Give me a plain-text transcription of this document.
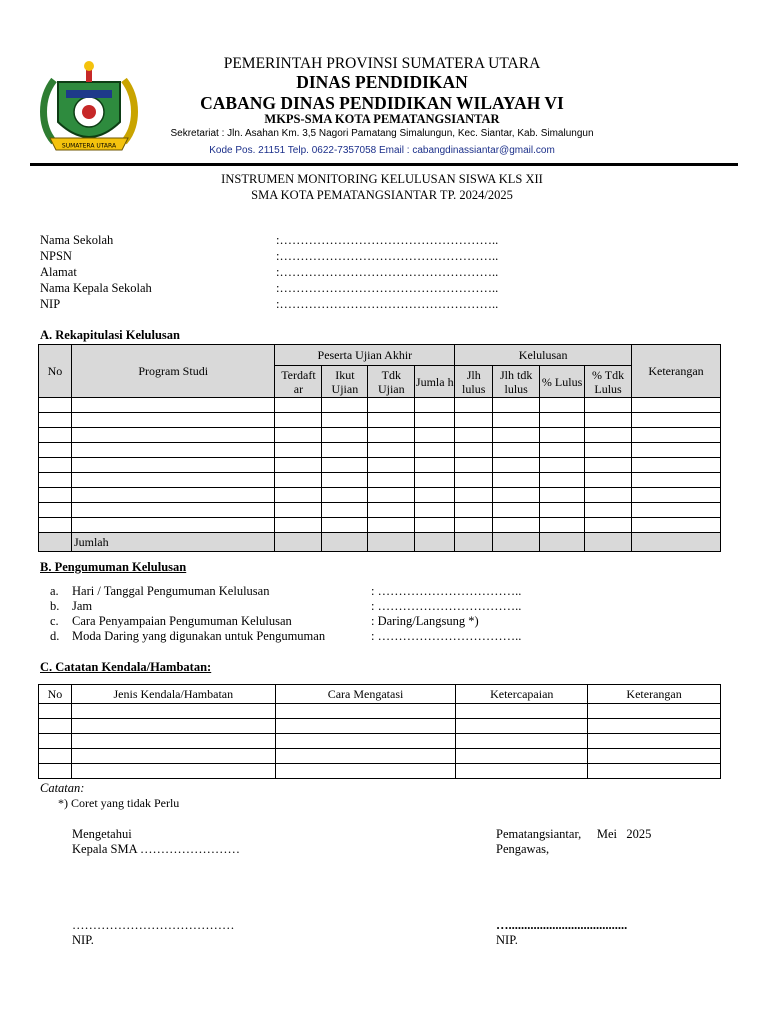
SUMATERA UTARA
PEMERINTAH PROVINSI SUMATERA UTARA
DINAS PENDIDIKAN
CABANG DINAS PENDIDIKAN WILAYAH VI
MKPS-SMA KOTA PEMATANGSIANTAR
Sekretariat : Jln. Asahan Km. 3,5 Nagori Pamatang Simalungun, Kec. Siantar, Kab. Simalungun
Kode Pos. 21151 Telp. 0622-7357058 Email : cabangdinassiantar@gmail.com
INSTRUMEN MONITORING KELULUSAN SISWA KLS XII
SMA KOTA PEMATANGSIANTAR TP. 2024/2025
Nama Sekolah	:……………………………………………..
NPSN	:……………………………………………..
Alamat	:……………………………………………..
Nama Kepala Sekolah	:……………………………………………..
NIP	:……………………………………………..
A. Rekapitulasi Kelulusan
No	Program Studi	Peserta Ujian Akhir				Kelulusan				Keterangan
		Terdaft ar	Ikut Ujian	Tdk Ujian	Jumla h	Jlh lulus	Jlh tdk lulus	% Lulus	% Tdk Lulus	

	Jumlah									
B. Pengumuman Kelulusan
a.	Hari / Tanggal Pengumuman Kelulusan	: ……………………………..
b.	Jam	: ……………………………..
c.	Cara Penyampaian Pengumuman Kelulusan	: Daring/Langsung *)
d.	Moda Daring yang digunakan untuk Pengumuman	: ……………………………..
C. Catatan Kendala/Hambatan:
No	Jenis Kendala/Hambatan	Cara Mengatasi	Ketercapaian	Keterangan

Catatan:
*) Coret yang tidak Perlu
Mengetahui
Kepala SMA ……………………
…………………………………
NIP.
Pematangsiantar,     Mei   2025
Pengawas,
…......................................
NIP.
